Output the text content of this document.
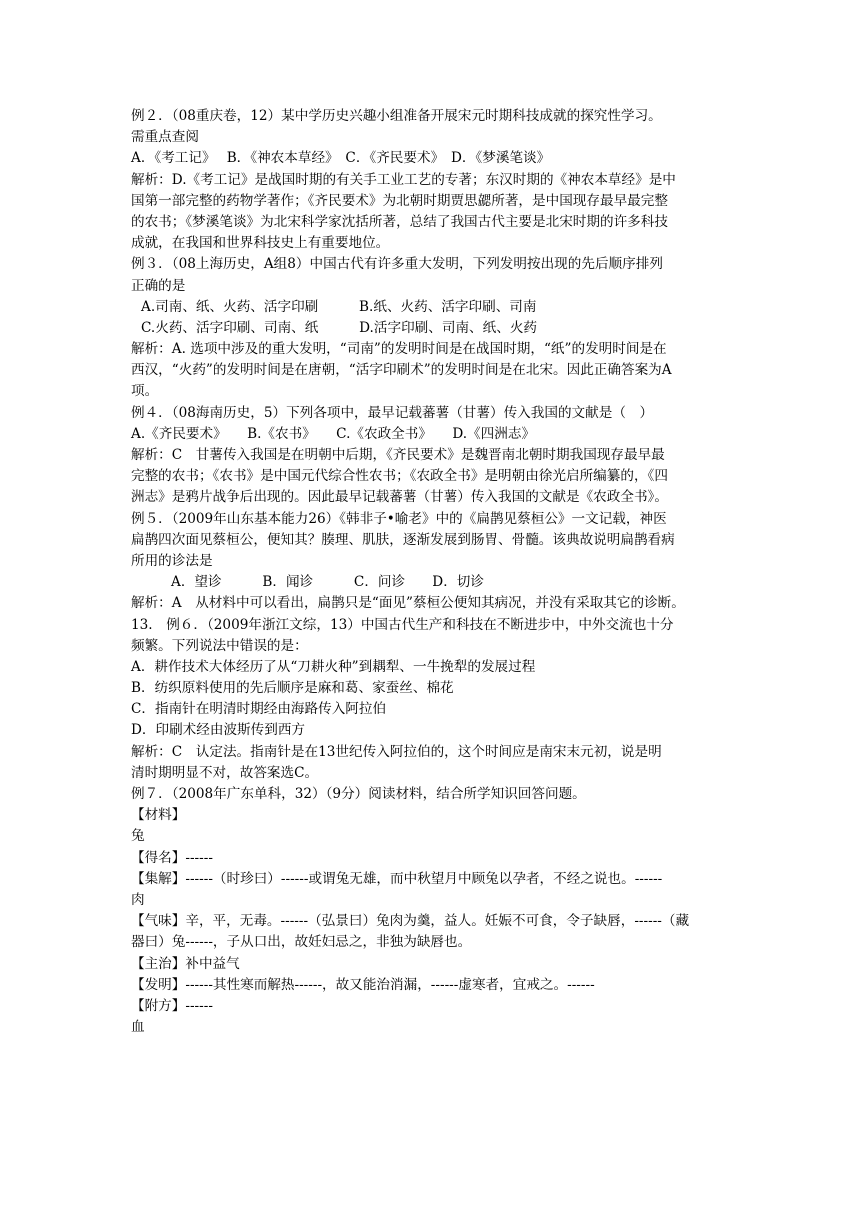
例２．（08重庆卷，12）某中学历史兴趣小组准备开展宋元时期科技成就的探究性学习。
需重点查阅
A．《考工记》　 B．《神农本草经》　C．《齐民要术》　D．《梦溪笔谈》
解析：D.《考工记》是战国时期的有关手工业工艺的专著；东汉时期的《神农本草经》是中
国第一部完整的药物学著作；《齐民要术》为北朝时期贾思勰所著，是中国现存最早最完整
的农书；《梦溪笔谈》为北宋科学家沈括所著，总结了我国古代主要是北宋时期的许多科技
成就，在我国和世界科技史上有重要地位。
例３．（08上海历史，A组8）中国古代有许多重大发明，下列发明按出现的先后顺序排列
正确的是
A.司南、纸、火药、活字印刷　　　B.纸、火药、活字印刷、司南
C.火药、活字印刷、司南、纸　　　D.活字印刷、司南、纸、火药
解析：A. 选项中涉及的重大发明，“司南”的发明时间是在战国时期，“纸”的发明时间是在
西汉，“火药”的发明时间是在唐朝，“活字印刷术”的发明时间是在北宋。因此正确答案为A
项。
例４．（08海南历史，5）下列各项中，最早记载蕃薯（甘薯）传入我国的文献是（　）
A.《齐民要术》　　B.《农书》　　C.《农政全书》　　D.《四洲志》
解析：C　甘薯传入我国是在明朝中后期，《齐民要术》是魏晋南北朝时期我国现存最早最
完整的农书；《农书》是中国元代综合性农书；《农政全书》是明朝由徐光启所编纂的，《四
洲志》是鸦片战争后出现的。因此最早记载蕃薯（甘薯）传入我国的文献是《农政全书》。
例５．（2009年山东基本能力26）《韩非子•喻老》中的《扁鹊见蔡桓公》一文记载，神医
扁鹊四次面见蔡桓公，便知其？腠理、肌肤，逐渐发展到肠胃、骨髓。该典故说明扁鹊看病
所用的诊法是
A．望诊　　　B．闻诊　　　C．问诊　　D．切诊
解析：A　从材料中可以看出，扁鹊只是“面见”蔡桓公便知其病况，并没有采取其它的诊断。
13.　例６．（2009年浙江文综，13）中国古代生产和科技在不断进步中，中外交流也十分
频繁。下列说法中错误的是：
A．耕作技术大体经历了从“刀耕火种”到耦犁、一牛挽犁的发展过程
B．纺织原料使用的先后顺序是麻和葛、家蚕丝、棉花
C．指南针在明清时期经由海路传入阿拉伯
D．印刷术经由波斯传到西方
解析：C　认定法。指南针是在13世纪传入阿拉伯的，这个时间应是南宋末元初，说是明
清时期明显不对，故答案选C。
例７．（2008年广东单科，32）（9分）阅读材料，结合所学知识回答问题。
【材料】
兔
【得名】------
【集解】------（时珍曰）------或谓兔无雄，而中秋望月中顾兔以孕者，不经之说也。------
肉
【气味】辛，平，无毒。------（弘景曰）兔肉为羹，益人。妊娠不可食，令子缺唇，------（藏
器曰）兔------，子从口出，故妊妇忌之，非独为缺唇也。
【主治】补中益气
【发明】------其性寒而解热------，故又能治消漏，------虚寒者，宜戒之。------
【附方】------
血
